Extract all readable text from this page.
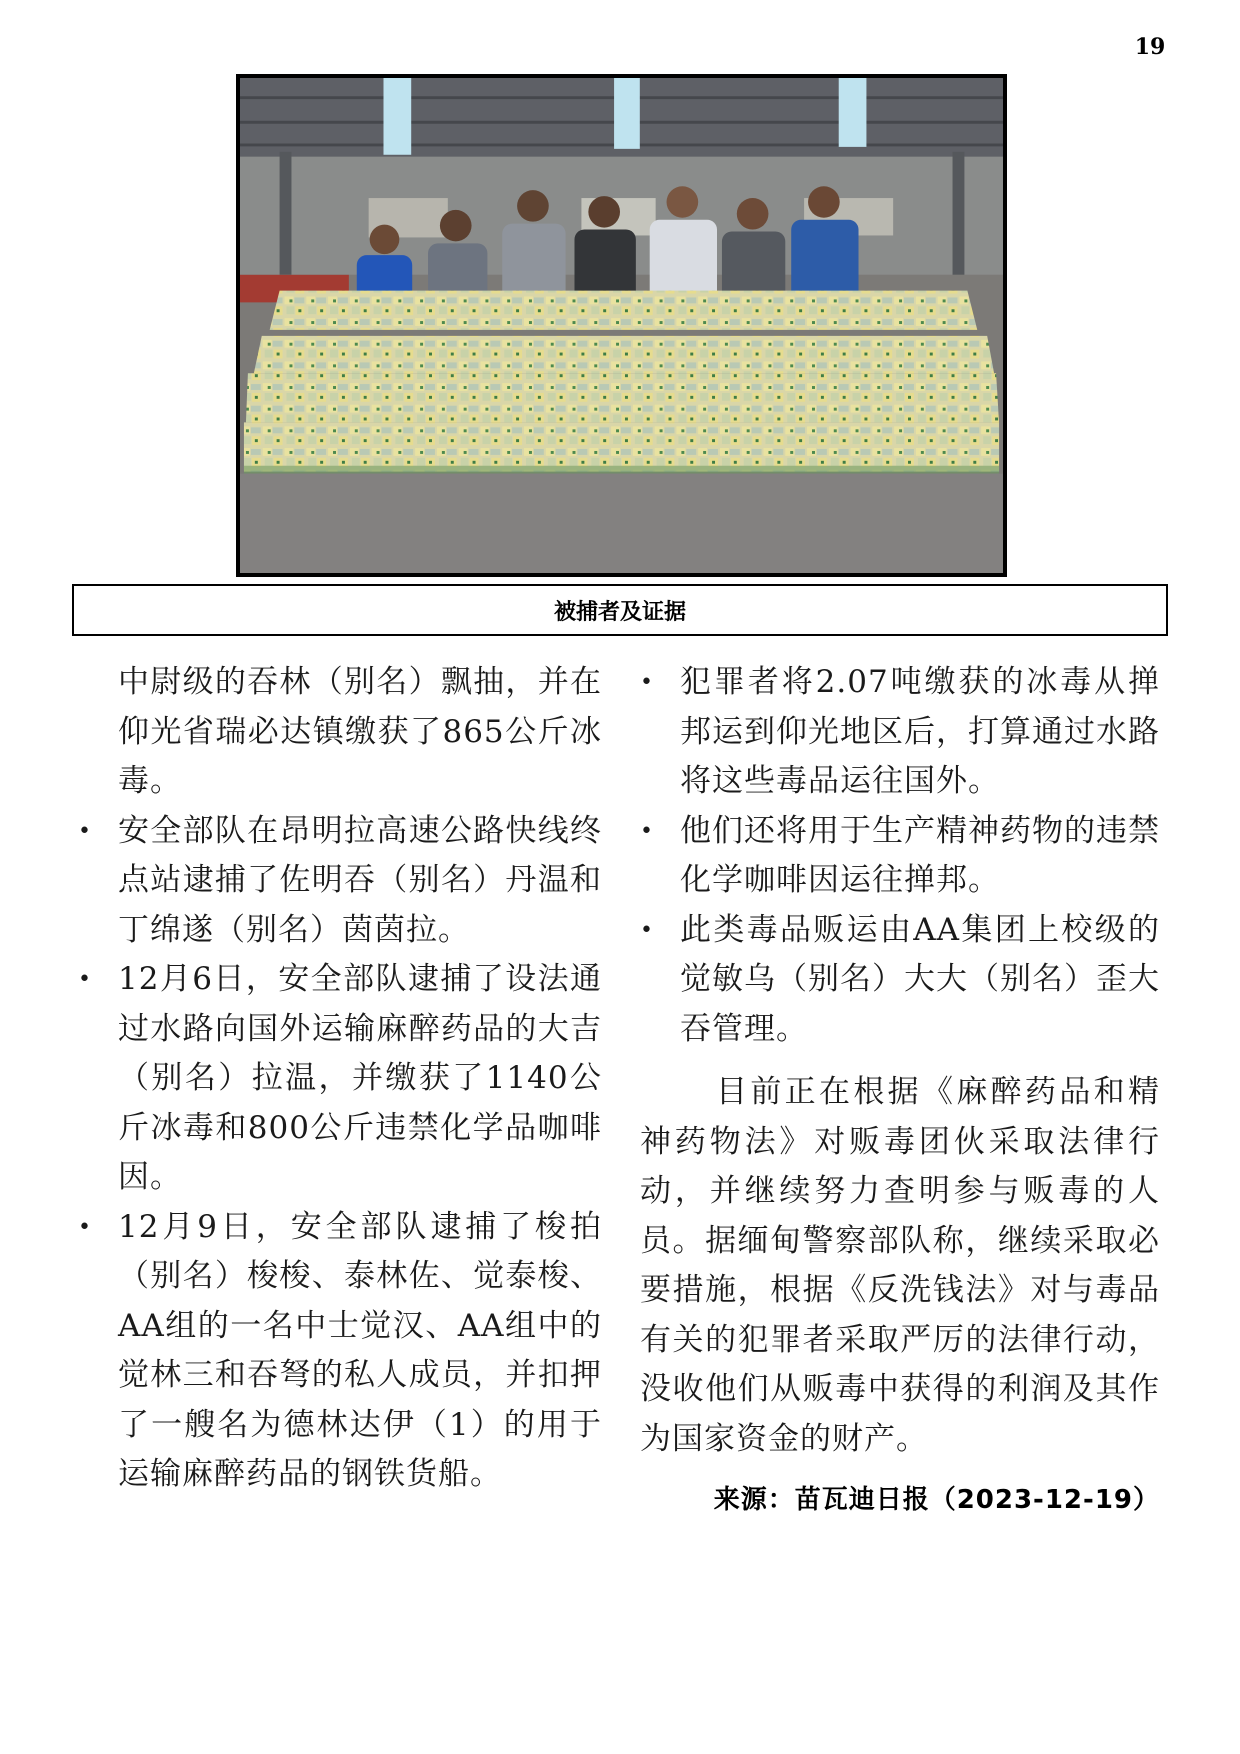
19
被捕者及证据

中尉级的吞林（别名）飘抽，并在仰光省瑞必达镇缴获了865公斤冰毒。

• 安全部队在昂明拉高速公路快线终点站逮捕了佐明吞（别名）丹温和丁绵遂（别名）茵茵拉。
• 12月6日，安全部队逮捕了设法通过水路向国外运输麻醉药品的大吉（别名）拉温，并缴获了1140公斤冰毒和800公斤违禁化学品咖啡因。
• 12月9日，安全部队逮捕了梭拍（别名）梭梭、泰林佐、觉泰梭、AA组的一名中士觉汉、AA组中的觉林三和吞弩的私人成员，并扣押了一艘名为德林达伊（1）的用于运输麻醉药品的钢铁货船。
• 犯罪者将2.07吨缴获的冰毒从掸邦运到仰光地区后，打算通过水路将这些毒品运往国外。
• 他们还将用于生产精神药物的违禁化学咖啡因运往掸邦。
• 此类毒品贩运由AA集团上校级的觉敏乌（别名）大大（别名）歪大吞管理。

目前正在根据《麻醉药品和精神药物法》对贩毒团伙采取法律行动，并继续努力查明参与贩毒的人员。据缅甸警察部队称，继续采取必要措施，根据《反洗钱法》对与毒品有关的犯罪者采取严厉的法律行动，没收他们从贩毒中获得的利润及其作为国家资金的财产。

来源：苗瓦迪日报（2023-12-19）
